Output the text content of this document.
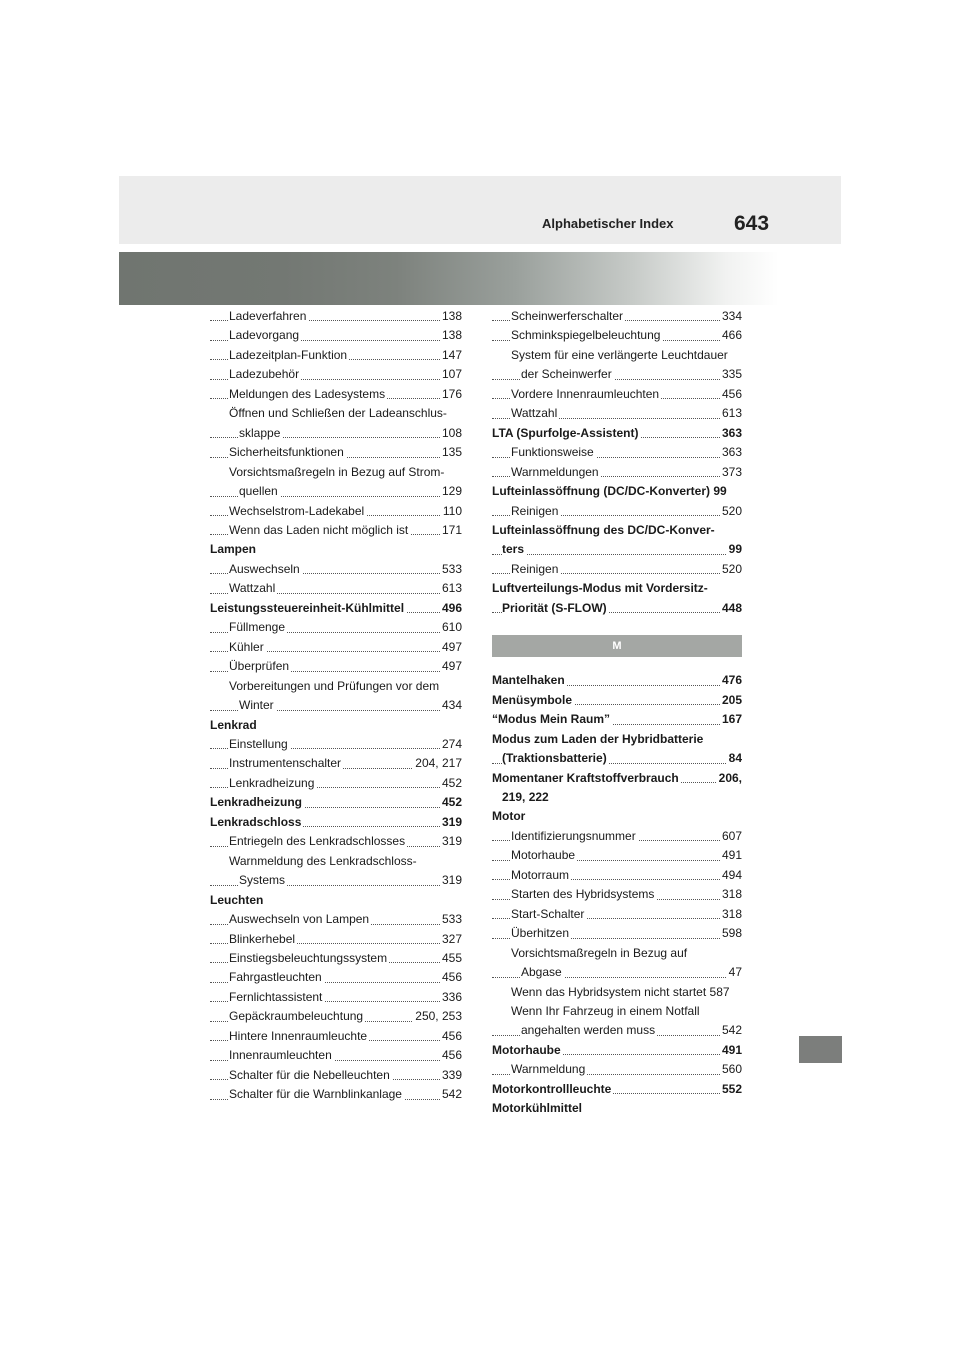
Alphabetischer Index	643
Ladeverfahren	138
Ladevorgang	138
Ladezeitplan-Funktion	147
Ladezubehör	107
Meldungen des Ladesystems	176
Öffnen und Schließen der Ladeanschlus-
sklappe	108
Sicherheitsfunktionen	135
Vorsichtsmaßregeln in Bezug auf Strom-
quellen	129
Wechselstrom-Ladekabel	110
Wenn das Laden nicht möglich ist	171
Lampen
Auswechseln	533
Wattzahl	613
Leistungssteuereinheit-Kühlmittel	496
Füllmenge	610
Kühler	497
Überprüfen	497
Vorbereitungen und Prüfungen vor dem
Winter	434
Lenkrad
Einstellung	274
Instrumentenschalter	204, 217
Lenkradheizung	452
Lenkradheizung	452
Lenkradschloss	319
Entriegeln des Lenkradschlosses	319
Warnmeldung des Lenkradschloss-
Systems	319
Leuchten
Auswechseln von Lampen	533
Blinkerhebel	327
Einstiegsbeleuchtungssystem	455
Fahrgastleuchten	456
Fernlichtassistent	336
Gepäckraumbeleuchtung	250, 253
Hintere Innenraumleuchte	456
Innenraumleuchten	456
Schalter für die Nebelleuchten	339
Schalter für die Warnblinkanlage	542
Scheinwerferschalter	334
Schminkspiegelbeleuchtung	466
System für eine verlängerte Leuchtdauer
der Scheinwerfer	335
Vordere Innenraumleuchten	456
Wattzahl	613
LTA (Spurfolge-Assistent)	363
Funktionsweise	363
Warnmeldungen	373
Lufteinlassöffnung (DC/DC-Konverter) 99
Reinigen	520
Lufteinlassöffnung des DC/DC-Konver-
ters	99
Reinigen	520
Luftverteilungs-Modus mit Vordersitz-
Priorität (S-FLOW)	448
M
Mantelhaken	476
Menüsymbole	205
“Modus Mein Raum”	167
Modus zum Laden der Hybridbatterie
(Traktionsbatterie)	84
Momentaner Kraftstoffverbrauch	206,
219, 222
Motor
Identifizierungsnummer	607
Motorhaube	491
Motorraum	494
Starten des Hybridsystems	318
Start-Schalter	318
Überhitzen	598
Vorsichtsmaßregeln in Bezug auf
Abgase	47
Wenn das Hybridsystem nicht startet 587
Wenn Ihr Fahrzeug in einem Notfall
angehalten werden muss	542
Motorhaube	491
Warnmeldung	560
Motorkontrollleuchte	552
Motorkühlmittel
